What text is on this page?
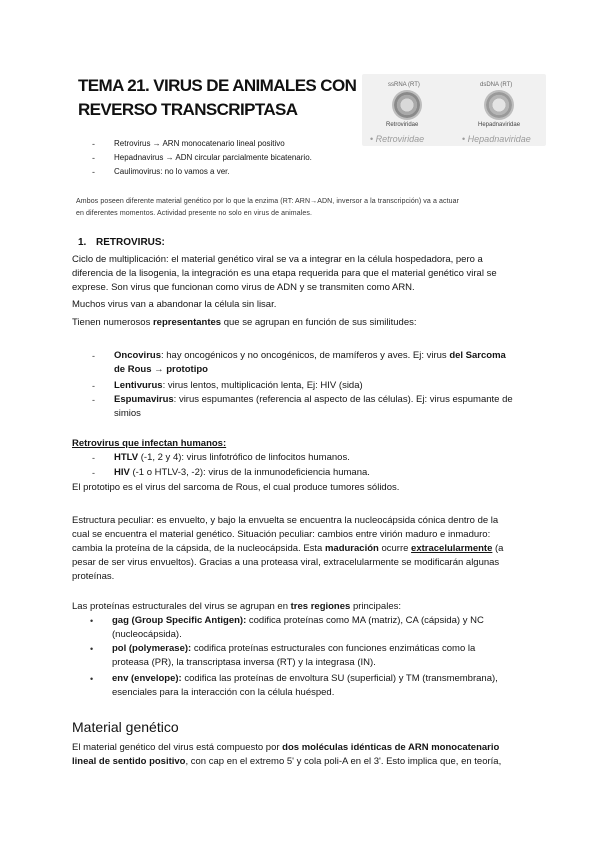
TEMA 21. VIRUS DE ANIMALES CON
REVERSO TRANSCRIPTASA
ssRNA (RT)
Retroviridae
• Retroviridae
dsDNA (RT)
Hepadnaviridae
• Hepadnaviridae
-	Retrovirus → ARN monocatenario lineal positivo
-	Hepadnavirus → ADN circular parcialmente bicatenario.
-	Caulimovirus: no lo vamos a ver.
Ambos poseen diferente material genético por lo que la enzima (RT: ARN→ADN, inversor a la transcripción) va a actuar
en diferentes momentos. Actividad presente no solo en virus de animales.
1. RETROVIRUS:
Ciclo de multiplicación: el material genético viral se va a integrar en la célula hospedadora, pero a
diferencia de la lisogenia, la integración es una etapa requerida para que el material genético viral se
exprese. Son virus que funcionan como virus de ADN y se transmiten como ARN.
Muchos virus van a abandonar la célula sin lisar.
Tienen numerosos representantes que se agrupan en función de sus similitudes:
-	Oncovirus: hay oncogénicos y no oncogénicos, de mamíferos y aves. Ej: virus del Sarcoma
de Rous → prototipo
-	Lentivurus: virus lentos, multiplicación lenta, Ej: HIV (sida)
-	Espumavirus: virus espumantes (referencia al aspecto de las células). Ej: virus espumante de
simios
Retrovirus que infectan humanos:
-	HTLV (-1, 2 y 4): virus linfotrófico de linfocitos humanos.
-	HIV (-1 o HTLV-3, -2): virus de la inmunodeficiencia humana.
El prototipo es el virus del sarcoma de Rous, el cual produce tumores sólidos.
Estructura peculiar: es envuelto, y bajo la envuelta se encuentra la nucleocápsida cónica dentro de la
cual se encuentra el material genético. Situación peculiar: cambios entre virión maduro e inmaduro:
cambia la proteína de la cápsida, de la nucleocápsida. Esta maduración ocurre extracelularmente (a
pesar de ser virus envueltos). Gracias a una proteasa viral, extracelularmente se modificarán algunas
proteínas.
Las proteínas estructurales del virus se agrupan en tres regiones principales:
•	gag (Group Specific Antigen): codifica proteínas como MA (matriz), CA (cápsida) y NC
(nucleocápsida).
•	pol (polymerase): codifica proteínas estructurales con funciones enzimáticas como la
proteasa (PR), la transcriptasa inversa (RT) y la integrasa (IN).
•	env (envelope): codifica las proteínas de envoltura SU (superficial) y TM (transmembrana),
esenciales para la interacción con la célula huésped.
Material genético
El material genético del virus está compuesto por dos moléculas idénticas de ARN monocatenario
lineal de sentido positivo, con cap en el extremo 5' y cola poli-A en el 3'. Esto implica que, en teoría,
